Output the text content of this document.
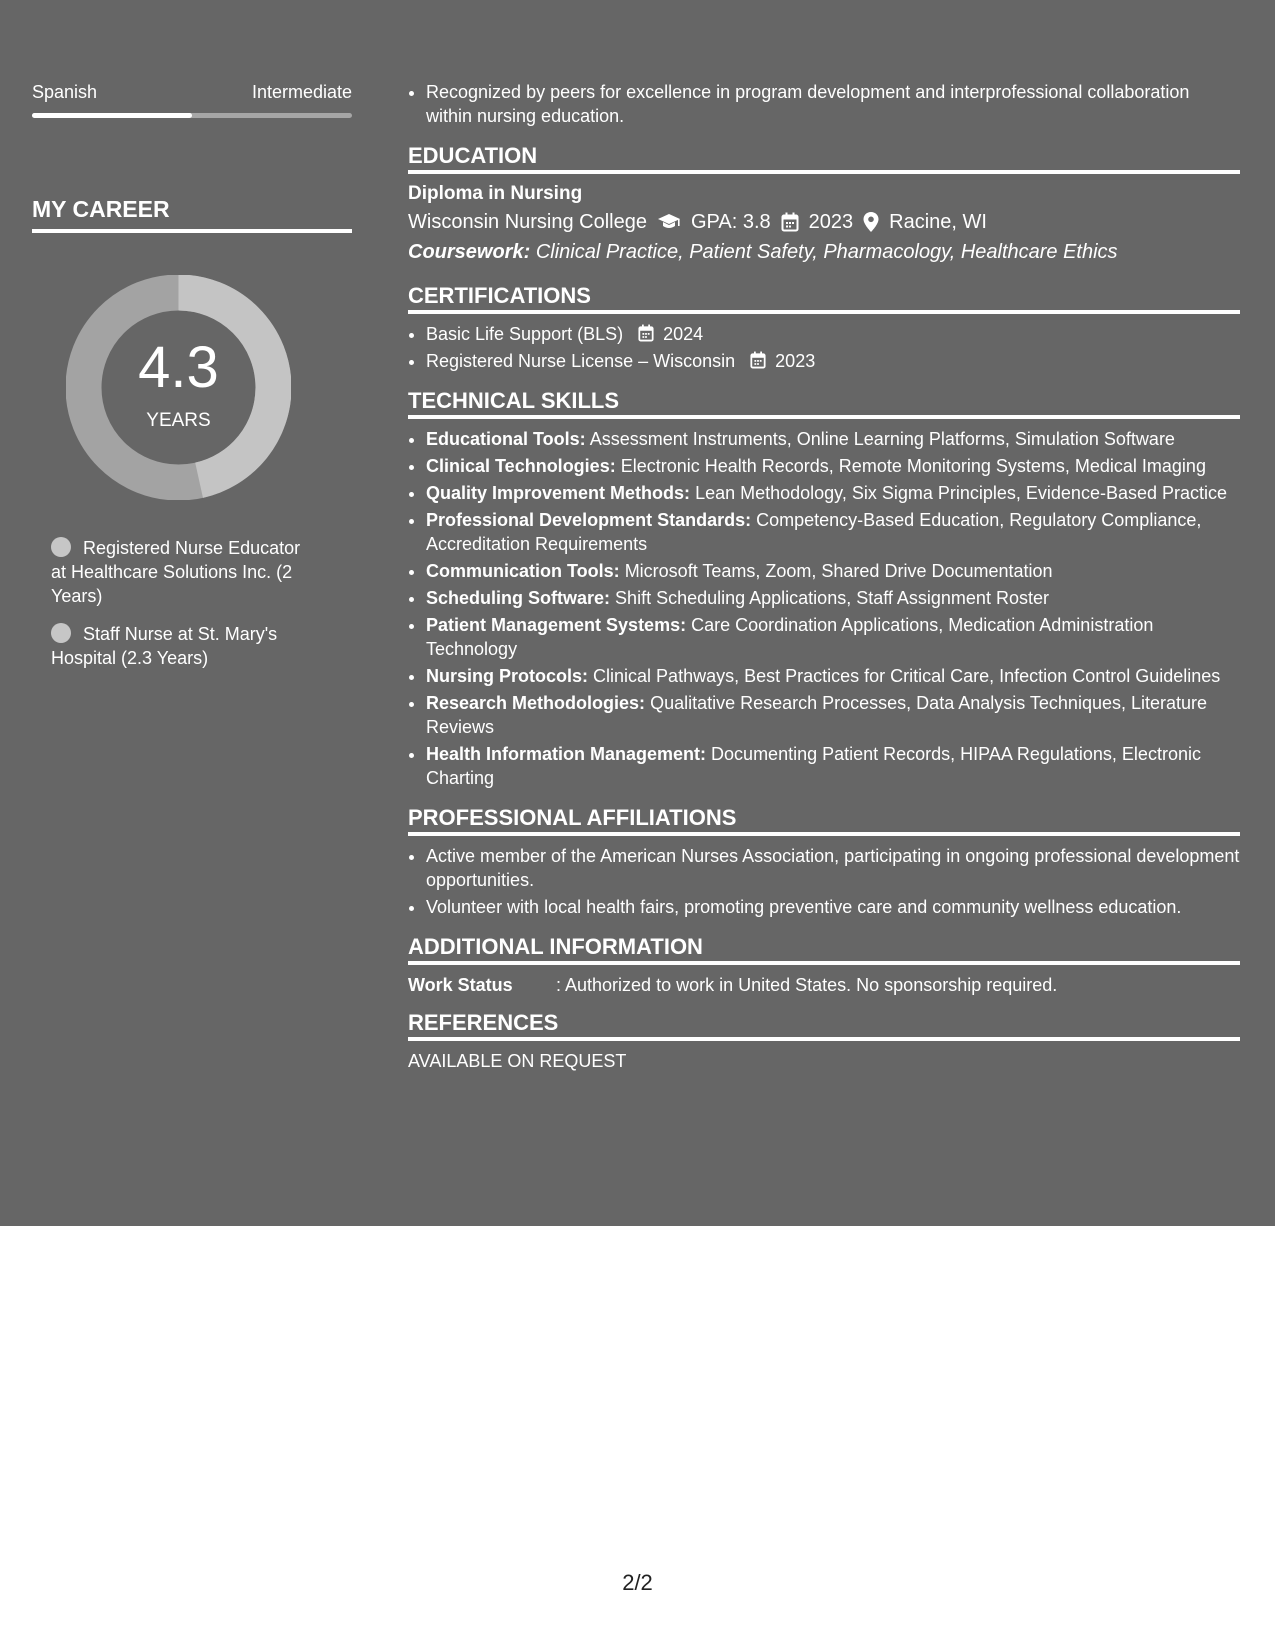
Spanish	Intermediate
MY CAREER
4.3
YEARS
Registered Nurse Educator at Healthcare Solutions Inc. (2 Years)
Staff Nurse at St. Mary's Hospital (2.3 Years)
• Recognized by peers for excellence in program development and interprofessional collaboration within nursing education.
EDUCATION
Diploma in Nursing
Wisconsin Nursing College GPA: 3.8 2023 Racine, WI
Coursework: Clinical Practice, Patient Safety, Pharmacology, Healthcare Ethics
CERTIFICATIONS
• Basic Life Support (BLS) 2024
• Registered Nurse License – Wisconsin 2023
TECHNICAL SKILLS
• Educational Tools: Assessment Instruments, Online Learning Platforms, Simulation Software
• Clinical Technologies: Electronic Health Records, Remote Monitoring Systems, Medical Imaging
• Quality Improvement Methods: Lean Methodology, Six Sigma Principles, Evidence-Based Practice
• Professional Development Standards: Competency-Based Education, Regulatory Compliance, Accreditation Requirements
• Communication Tools: Microsoft Teams, Zoom, Shared Drive Documentation
• Scheduling Software: Shift Scheduling Applications, Staff Assignment Roster
• Patient Management Systems: Care Coordination Applications, Medication Administration Technology
• Nursing Protocols: Clinical Pathways, Best Practices for Critical Care, Infection Control Guidelines
• Research Methodologies: Qualitative Research Processes, Data Analysis Techniques, Literature Reviews
• Health Information Management: Documenting Patient Records, HIPAA Regulations, Electronic Charting
PROFESSIONAL AFFILIATIONS
• Active member of the American Nurses Association, participating in ongoing professional development opportunities.
• Volunteer with local health fairs, promoting preventive care and community wellness education.
ADDITIONAL INFORMATION
Work Status	: Authorized to work in United States. No sponsorship required.
REFERENCES
AVAILABLE ON REQUEST
2/2
